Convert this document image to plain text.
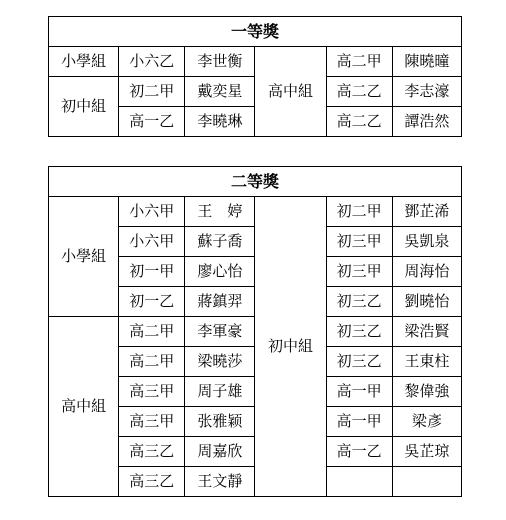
一等獎					
小學組	小六乙	李世衡	高中組	高二甲	陳曉曈
初中組	初二甲	戴奕星		高二乙	李志濠
	高一乙	李曉琳		高二乙	譚浩然
二等獎					
小學組	小六甲	王　婷	初中組	初二甲	鄧芷浠
	小六甲	蘇子喬		初三甲	吳凱泉
	初一甲	廖心怡		初三甲	周海怡
	初一乙	蔣鎮羿		初三乙	劉曉怡
高中組	高二甲	李軍豪		初三乙	梁浩賢
	高二甲	梁曉莎		初三乙	王東柱
	高三甲	周子雄		高一甲	黎偉強
	高三甲	张雅颖		高一甲	梁彥
	高三乙	周嘉欣		高一乙	吳芷琼
	高三乙	王文靜			
